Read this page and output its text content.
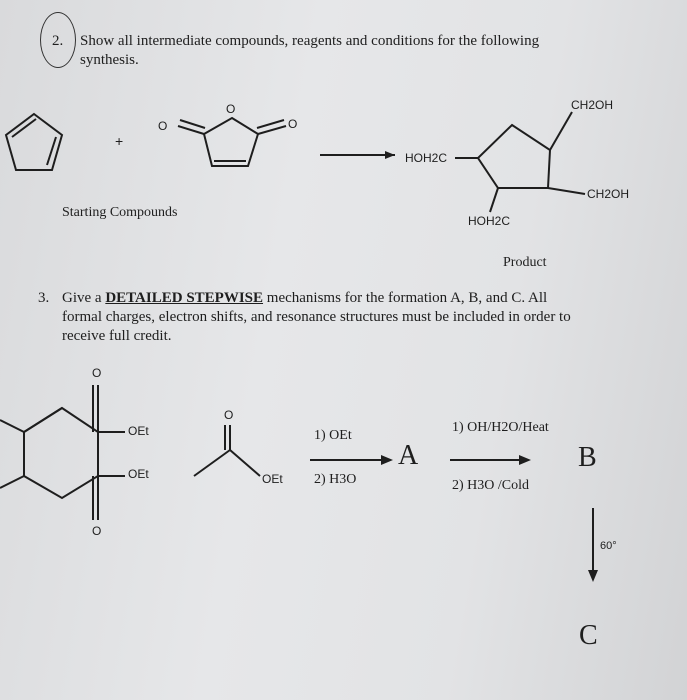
2. Show all intermediate compounds, reagents and conditions for the following
synthesis.
+
O
O
O
CH2OH
HOH2C
CH2OH
HOH2C
Starting Compounds
Product
3. Give a DETAILED STEPWISE mechanisms for the formation A, B, and C. All
formal charges, electron shifts, and resonance structures must be included in order to
receive full credit.
O
OEt
OEt
O
O
OEt
1) OEt
2) H3O
A
1) OH/H2O/Heat
2) H3O /Cold
B
60°
C
